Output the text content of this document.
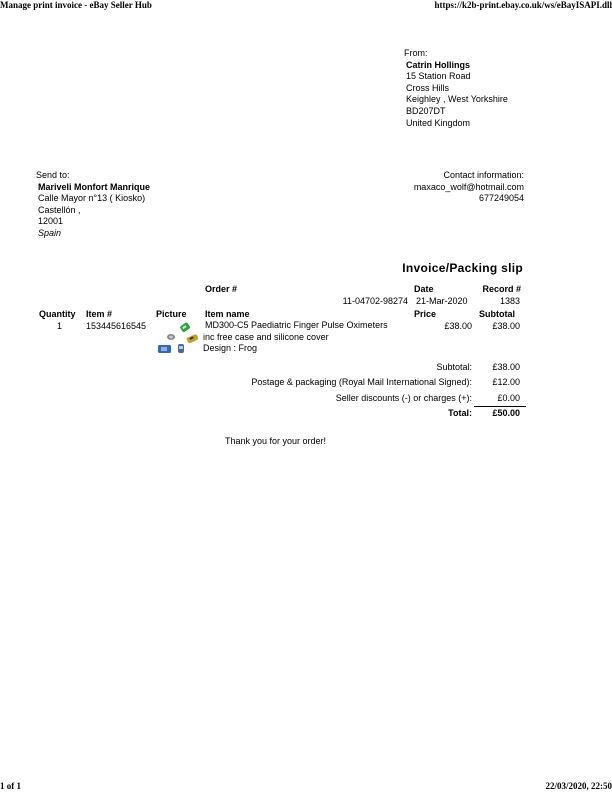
Manage print invoice - eBay Seller Hub	https://k2b-print.ebay.co.uk/ws/eBayISAPI.dll
1 of 1	22/03/2020, 22:50
From:
Catrin Hollings
15 Station Road
Cross Hills
Keighley , West Yorkshire
BD207DT
United Kingdom
Send to:
Mariveli Monfort Manrique
Calle Mayor n°13 ( Kiosko)
Castellón ,
12001
Spain
Contact information:
maxaco_wolf@hotmail.com
677249054
Invoice/Packing slip
Order #	Date	Record #
11-04702-98274 21-Mar-2020	1383
Quantity Item #	Picture Item name	Price	Subtotal
1	153445616545	MD300-C5 Paediatric Finger Pulse Oximeters
inc free case and silicone cover
Design : Frog
£38.00 £38.00
Subtotal: £38.00
Postage & packaging (Royal Mail International Signed): £12.00
Seller discounts (-) or charges (+):	£0.00
Total: £50.00
Thank you for your order!
